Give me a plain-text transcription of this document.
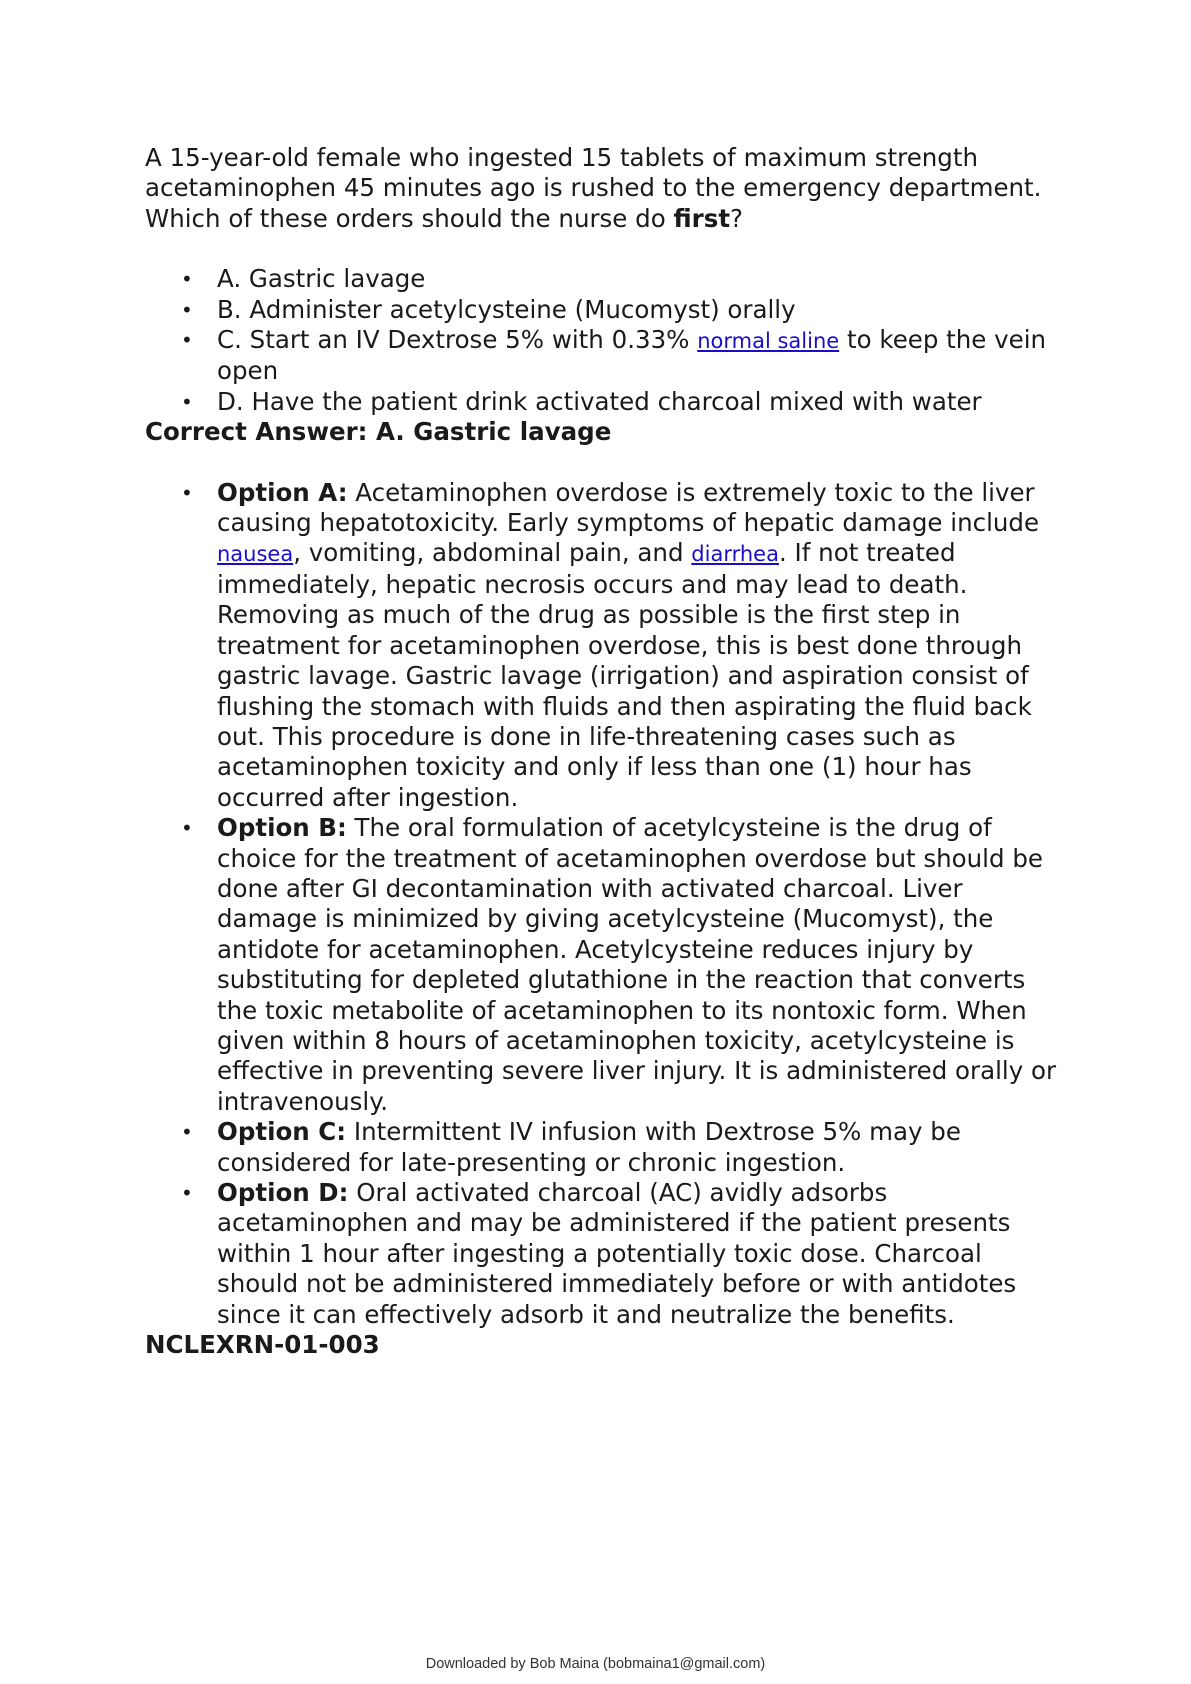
A 15-year-old female who ingested 15 tablets of maximum strength acetaminophen 45 minutes ago is rushed to the emergency department. Which of these orders should the nurse do first?

• A. Gastric lavage
• B. Administer acetylcysteine (Mucomyst) orally
• C. Start an IV Dextrose 5% with 0.33% normal saline to keep the vein open
• D. Have the patient drink activated charcoal mixed with water

Correct Answer: A. Gastric lavage

• Option A: Acetaminophen overdose is extremely toxic to the liver causing hepatotoxicity. Early symptoms of hepatic damage include nausea, vomiting, abdominal pain, and diarrhea. If not treated immediately, hepatic necrosis occurs and may lead to death. Removing as much of the drug as possible is the first step in treatment for acetaminophen overdose, this is best done through gastric lavage. Gastric lavage (irrigation) and aspiration consist of flushing the stomach with fluids and then aspirating the fluid back out. This procedure is done in life-threatening cases such as acetaminophen toxicity and only if less than one (1) hour has occurred after ingestion.
• Option B: The oral formulation of acetylcysteine is the drug of choice for the treatment of acetaminophen overdose but should be done after GI decontamination with activated charcoal. Liver damage is minimized by giving acetylcysteine (Mucomyst), the antidote for acetaminophen. Acetylcysteine reduces injury by substituting for depleted glutathione in the reaction that converts the toxic metabolite of acetaminophen to its nontoxic form. When given within 8 hours of acetaminophen toxicity, acetylcysteine is effective in preventing severe liver injury. It is administered orally or intravenously.
• Option C: Intermittent IV infusion with Dextrose 5% may be considered for late-presenting or chronic ingestion.
• Option D: Oral activated charcoal (AC) avidly adsorbs acetaminophen and may be administered if the patient presents within 1 hour after ingesting a potentially toxic dose. Charcoal should not be administered immediately before or with antidotes since it can effectively adsorb it and neutralize the benefits.

NCLEXRN-01-003

Downloaded by Bob Maina (bobmaina1@gmail.com)
